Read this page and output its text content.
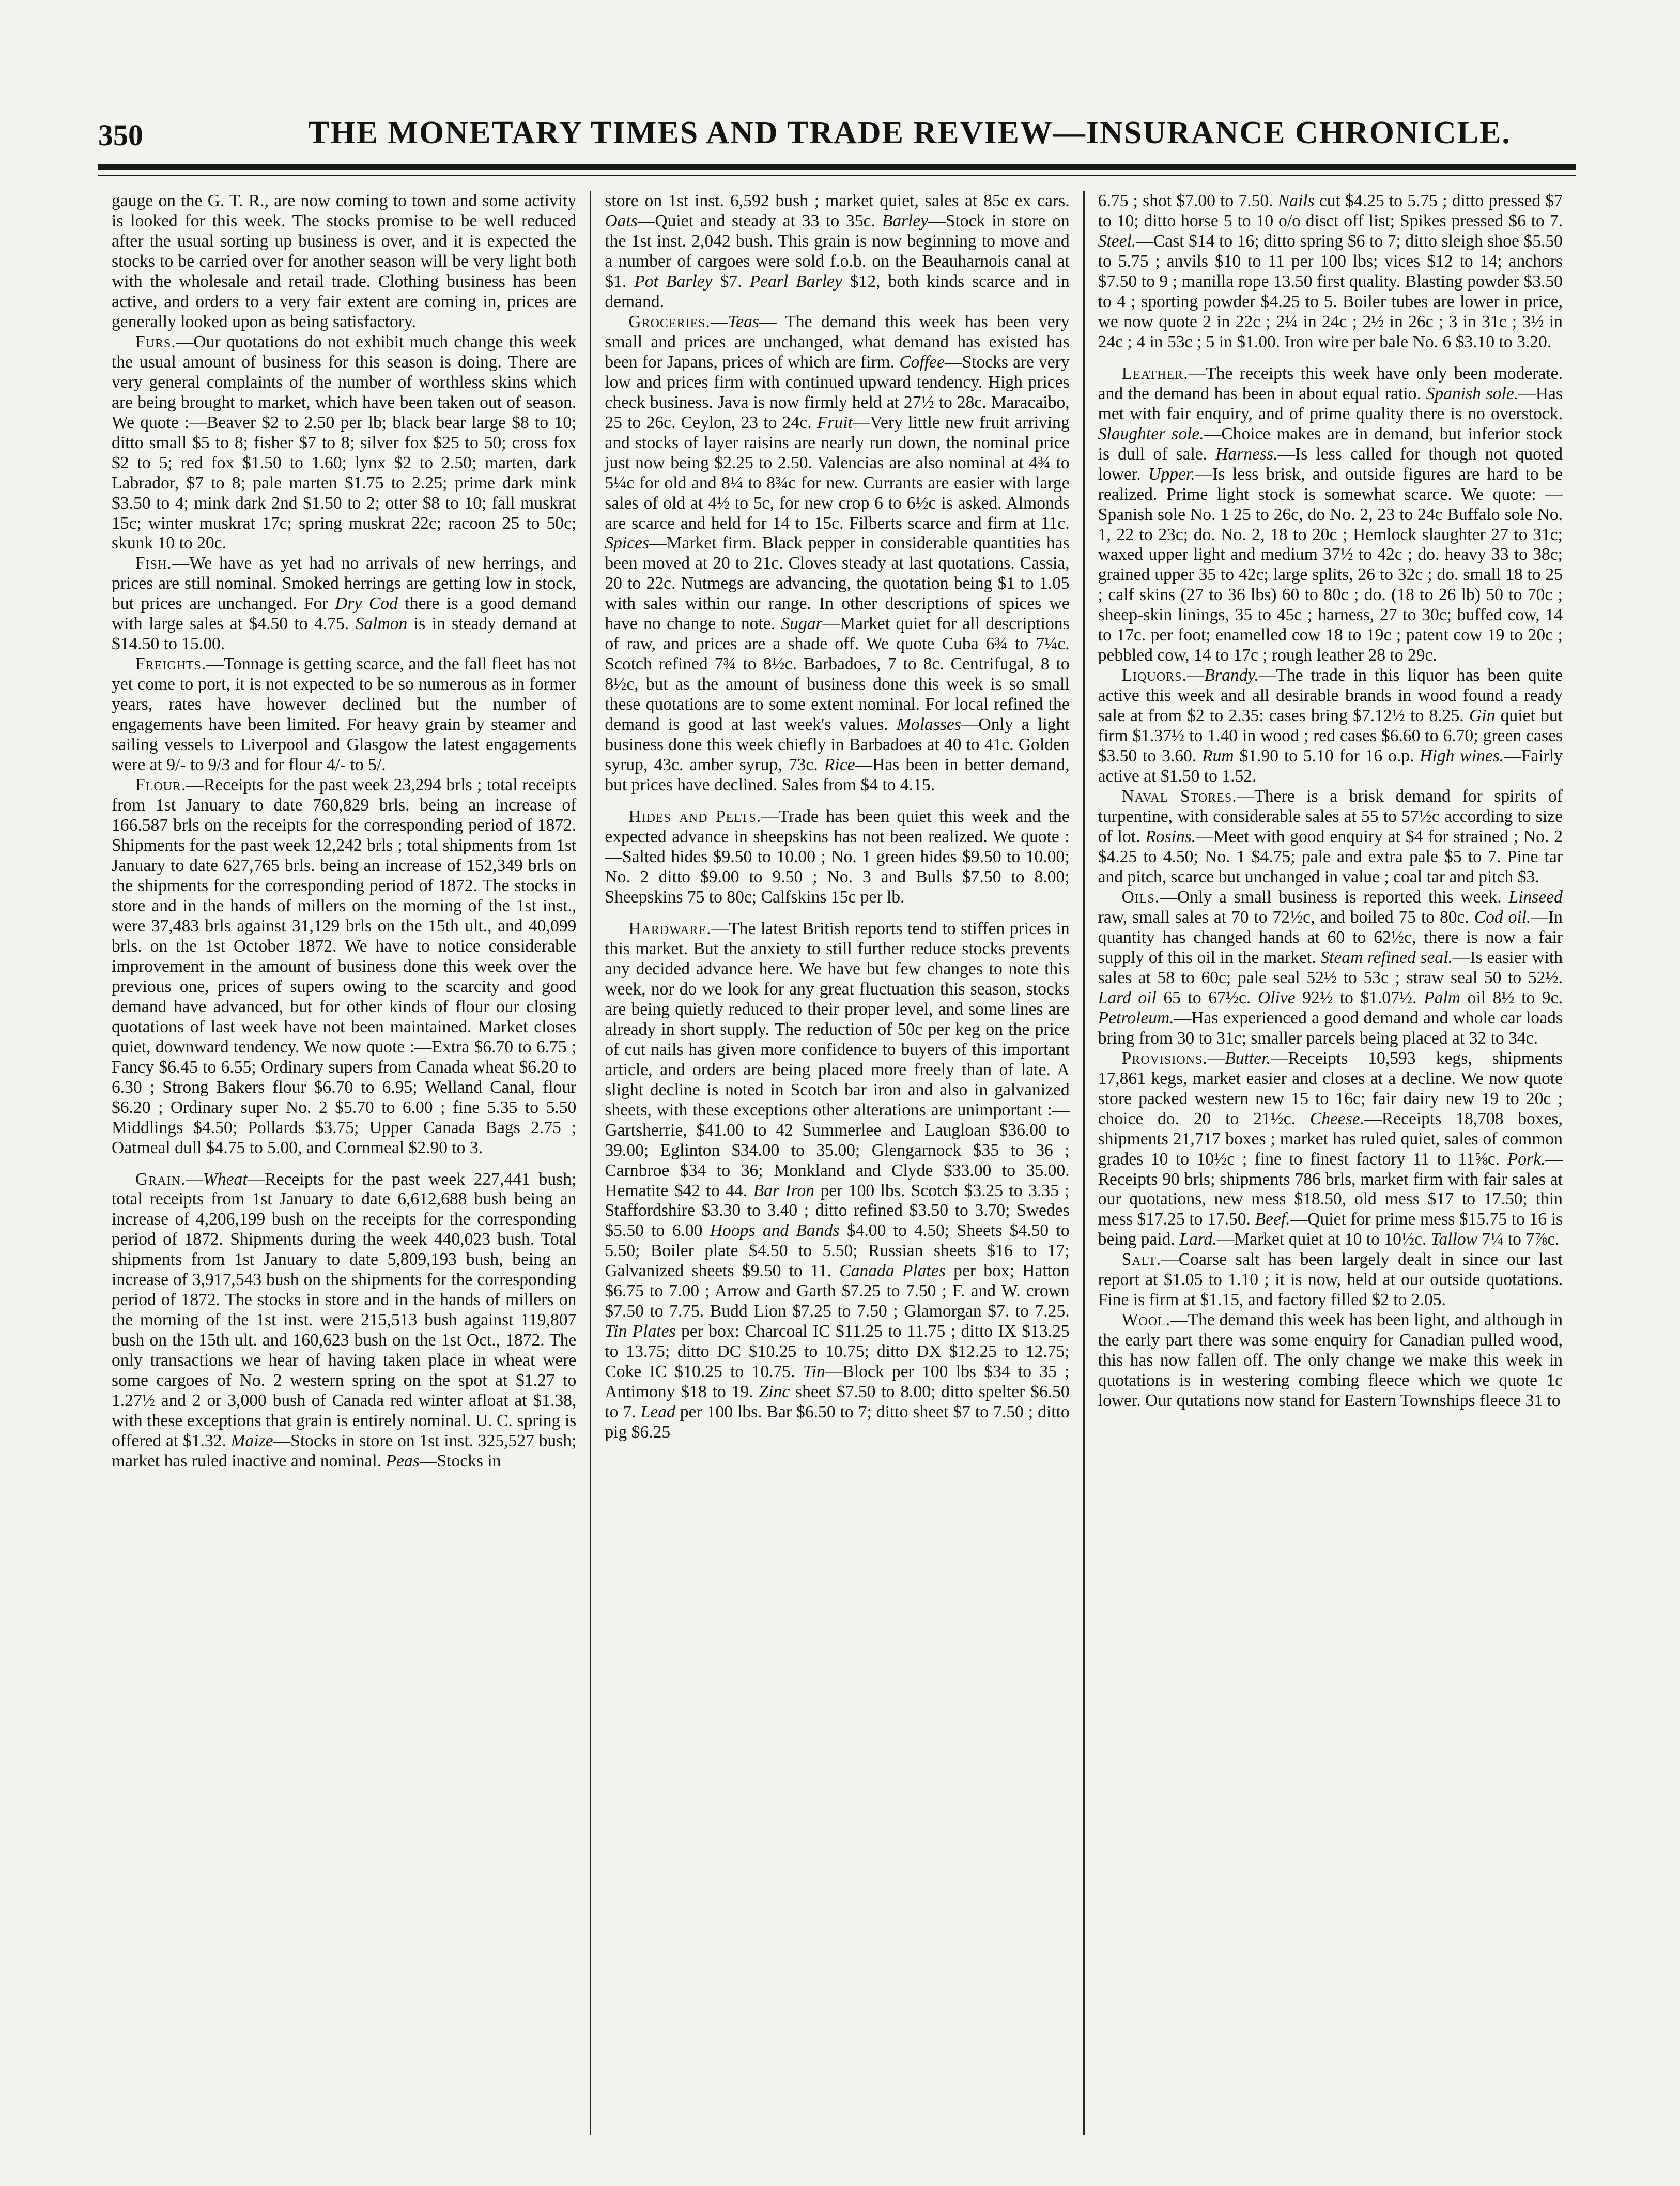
350	THE MONETARY TIMES AND TRADE REVIEW—INSURANCE CHRONICLE.

gauge on the G. T. R., are now coming to town and some activity is looked for this week. The stocks promise to be well reduced after the usual sorting up business is over, and it is expected the stocks to be carried over for another season will be very light both with the wholesale and retail trade. Clothing business has been active, and orders to a very fair extent are coming in, prices are generally looked upon as being satisfactory.

Furs.—Our quotations do not exhibit much change this week the usual amount of business for this season is doing. There are very general complaints of the number of worthless skins which are being brought to market, which have been taken out of season. We quote :—Beaver $2 to 2.50 per lb; black bear large $8 to 10; ditto small $5 to 8; fisher $7 to 8; silver fox $25 to 50; cross fox $2 to 5; red fox $1.50 to 1.60; lynx $2 to 2.50; marten, dark Labrador, $7 to 8; pale marten $1.75 to 2.25; prime dark mink $3.50 to 4; mink dark 2nd $1.50 to 2; otter $8 to 10; fall muskrat 15c; winter muskrat 17c; spring muskrat 22c; racoon 25 to 50c; skunk 10 to 20c.

Fish.—We have as yet had no arrivals of new herrings, and prices are still nominal. Smoked herrings are getting low in stock, but prices are unchanged. For Dry Cod there is a good demand with large sales at $4.50 to 4.75. Salmon is in steady demand at $14.50 to 15.00.

Freights.—Tonnage is getting scarce, and the fall fleet has not yet come to port, it is not expected to be so numerous as in former years, rates have however declined but the number of engagements have been limited. For heavy grain by steamer and sailing vessels to Liverpool and Glasgow the latest engagements were at 9/- to 9/3 and for flour 4/- to 5/.

Flour.—Receipts for the past week 23,294 brls ; total receipts from 1st January to date 760,829 brls. being an increase of 166.587 brls on the receipts for the corresponding period of 1872. Shipments for the past week 12,242 brls ; total shipments from 1st January to date 627,765 brls. being an increase of 152,349 brls on the shipments for the corresponding period of 1872. The stocks in store and in the hands of millers on the morning of the 1st inst., were 37,483 brls against 31,129 brls on the 15th ult., and 40,099 brls. on the 1st October 1872. We have to notice considerable improvement in the amount of business done this week over the previous one, prices of supers owing to the scarcity and good demand have advanced, but for other kinds of flour our closing quotations of last week have not been maintained. Market closes quiet, downward tendency. We now quote :—Extra $6.70 to 6.75 ; Fancy $6.45 to 6.55; Ordinary supers from Canada wheat $6.20 to 6.30 ; Strong Bakers flour $6.70 to 6.95; Welland Canal, flour $6.20 ; Ordinary super No. 2 $5.70 to 6.00 ; fine 5.35 to 5.50 Middlings $4.50; Pollards $3.75; Upper Canada Bags 2.75 ; Oatmeal dull $4.75 to 5.00, and Cornmeal $2.90 to 3.

Grain.—Wheat—Receipts for the past week 227,441 bush; total receipts from 1st January to date 6,612,688 bush being an increase of 4,206,199 bush on the receipts for the corresponding period of 1872. Shipments during the week 440,023 bush. Total shipments from 1st January to date 5,809,193 bush, being an increase of 3,917,543 bush on the shipments for the corresponding period of 1872. The stocks in store and in the hands of millers on the morning of the 1st inst. were 215,513 bush against 119,807 bush on the 15th ult. and 160,623 bush on the 1st Oct., 1872. The only transactions we hear of having taken place in wheat were some cargoes of No. 2 western spring on the spot at $1.27 to 1.27½ and 2 or 3,000 bush of Canada red winter afloat at $1.38, with these exceptions that grain is entirely nominal. U. C. spring is offered at $1.32. Maize—Stocks in store on 1st inst. 325,527 bush; market has ruled inactive and nominal. Peas—Stocks in

store on 1st inst. 6,592 bush ; market quiet, sales at 85c ex cars. Oats—Quiet and steady at 33 to 35c. Barley—Stock in store on the 1st inst. 2,042 bush. This grain is now beginning to move and a number of cargoes were sold f.o.b. on the Beauharnois canal at $1. Pot Barley $7. Pearl Barley $12, both kinds scarce and in demand.

Groceries.—Teas— The demand this week has been very small and prices are unchanged, what demand has existed has been for Japans, prices of which are firm. Coffee—Stocks are very low and prices firm with continued upward tendency. High prices check business. Java is now firmly held at 27½ to 28c. Maracaibo, 25 to 26c. Ceylon, 23 to 24c. Fruit—Very little new fruit arriving and stocks of layer raisins are nearly run down, the nominal price just now being $2.25 to 2.50. Valencias are also nominal at 4¾ to 5¼c for old and 8¼ to 8¾c for new. Currants are easier with large sales of old at 4½ to 5c, for new crop 6 to 6½c is asked. Almonds are scarce and held for 14 to 15c. Filberts scarce and firm at 11c. Spices—Market firm. Black pepper in considerable quantities has been moved at 20 to 21c. Cloves steady at last quotations. Cassia, 20 to 22c. Nutmegs are advancing, the quotation being $1 to 1.05 with sales within our range. In other descriptions of spices we have no change to note. Sugar—Market quiet for all descriptions of raw, and prices are a shade off. We quote Cuba 6¾ to 7¼c. Scotch refined 7¾ to 8½c. Barbadoes, 7 to 8c. Centrifugal, 8 to 8½c, but as the amount of business done this week is so small these quotations are to some extent nominal. For local refined the demand is good at last week's values. Molasses—Only a light business done this week chiefly in Barbadoes at 40 to 41c. Golden syrup, 43c. amber syrup, 73c. Rice—Has been in better demand, but prices have declined. Sales from $4 to 4.15.

Hides and Pelts.—Trade has been quiet this week and the expected advance in sheepskins has not been realized. We quote :—Salted hides $9.50 to 10.00 ; No. 1 green hides $9.50 to 10.00; No. 2 ditto $9.00 to 9.50 ; No. 3 and Bulls $7.50 to 8.00; Sheepskins 75 to 80c; Calfskins 15c per lb.

Hardware.—The latest British reports tend to stiffen prices in this market. But the anxiety to still further reduce stocks prevents any decided advance here. We have but few changes to note this week, nor do we look for any great fluctuation this season, stocks are being quietly reduced to their proper level, and some lines are already in short supply. The reduction of 50c per keg on the price of cut nails has given more confidence to buyers of this important article, and orders are being placed more freely than of late. A slight decline is noted in Scotch bar iron and also in galvanized sheets, with these exceptions other alterations are unimportant :—Gartsherrie, $41.00 to 42 Summerlee and Laugloan $36.00 to 39.00; Eglinton $34.00 to 35.00; Glengarnock $35 to 36 ; Carnbroe $34 to 36; Monkland and Clyde $33.00 to 35.00. Hematite $42 to 44. Bar Iron per 100 lbs. Scotch $3.25 to 3.35 ; Staffordshire $3.30 to 3.40 ; ditto refined $3.50 to 3.70; Swedes $5.50 to 6.00 Hoops and Bands $4.00 to 4.50; Sheets $4.50 to 5.50; Boiler plate $4.50 to 5.50; Russian sheets $16 to 17; Galvanized sheets $9.50 to 11. Canada Plates per box; Hatton $6.75 to 7.00 ; Arrow and Garth $7.25 to 7.50 ; F. and W. crown $7.50 to 7.75. Budd Lion $7.25 to 7.50 ; Glamorgan $7. to 7.25. Tin Plates per box: Charcoal IC $11.25 to 11.75 ; ditto IX $13.25 to 13.75; ditto DC $10.25 to 10.75; ditto DX $12.25 to 12.75; Coke IC $10.25 to 10.75. Tin—Block per 100 lbs $34 to 35 ; Antimony $18 to 19. Zinc sheet $7.50 to 8.00; ditto spelter $6.50 to 7. Lead per 100 lbs. Bar $6.50 to 7; ditto sheet $7 to 7.50 ; ditto pig $6.25

6.75 ; shot $7.00 to 7.50. Nails cut $4.25 to 5.75 ; ditto pressed $7 to 10; ditto horse 5 to 10 o/o disct off list; Spikes pressed $6 to 7. Steel.—Cast $14 to 16; ditto spring $6 to 7; ditto sleigh shoe $5.50 to 5.75 ; anvils $10 to 11 per 100 lbs; vices $12 to 14; anchors $7.50 to 9 ; manilla rope 13.50 first quality. Blasting powder $3.50 to 4 ; sporting powder $4.25 to 5. Boiler tubes are lower in price, we now quote 2 in 22c ; 2¼ in 24c ; 2½ in 26c ; 3 in 31c ; 3½ in 24c ; 4 in 53c ; 5 in $1.00. Iron wire per bale No. 6 $3.10 to 3.20.

Leather.—The receipts this week have only been moderate. and the demand has been in about equal ratio. Spanish sole.—Has met with fair enquiry, and of prime quality there is no overstock. Slaughter sole.—Choice makes are in demand, but inferior stock is dull of sale. Harness.—Is less called for though not quoted lower. Upper.—Is less brisk, and outside figures are hard to be realized. Prime light stock is somewhat scarce. We quote: — Spanish sole No. 1 25 to 26c, do No. 2, 23 to 24c Buffalo sole No. 1, 22 to 23c; do. No. 2, 18 to 20c ; Hemlock slaughter 27 to 31c; waxed upper light and medium 37½ to 42c ; do. heavy 33 to 38c; grained upper 35 to 42c; large splits, 26 to 32c ; do. small 18 to 25 ; calf skins (27 to 36 lbs) 60 to 80c ; do. (18 to 26 lb) 50 to 70c ; sheep-skin linings, 35 to 45c ; harness, 27 to 30c; buffed cow, 14 to 17c. per foot; enamelled cow 18 to 19c ; patent cow 19 to 20c ; pebbled cow, 14 to 17c ; rough leather 28 to 29c.

Liquors.—Brandy.—The trade in this liquor has been quite active this week and all desirable brands in wood found a ready sale at from $2 to 2.35: cases bring $7.12½ to 8.25. Gin quiet but firm $1.37½ to 1.40 in wood ; red cases $6.60 to 6.70; green cases $3.50 to 3.60. Rum $1.90 to 5.10 for 16 o.p. High wines.—Fairly active at $1.50 to 1.52.

Naval Stores.—There is a brisk demand for spirits of turpentine, with considerable sales at 55 to 57½c according to size of lot. Rosins.—Meet with good enquiry at $4 for strained ; No. 2 $4.25 to 4.50; No. 1 $4.75; pale and extra pale $5 to 7. Pine tar and pitch, scarce but unchanged in value ; coal tar and pitch $3.

Oils.—Only a small business is reported this week. Linseed raw, small sales at 70 to 72½c, and boiled 75 to 80c. Cod oil.—In quantity has changed hands at 60 to 62½c, there is now a fair supply of this oil in the market. Steam refined seal.—Is easier with sales at 58 to 60c; pale seal 52½ to 53c ; straw seal 50 to 52½. Lard oil 65 to 67½c. Olive 92½ to $1.07½. Palm oil 8½ to 9c. Petroleum.—Has experienced a good demand and whole car loads bring from 30 to 31c; smaller parcels being placed at 32 to 34c.

Provisions.—Butter.—Receipts 10,593 kegs, shipments 17,861 kegs, market easier and closes at a decline. We now quote store packed western new 15 to 16c; fair dairy new 19 to 20c ; choice do. 20 to 21½c. Cheese.—Receipts 18,708 boxes, shipments 21,717 boxes ; market has ruled quiet, sales of common grades 10 to 10½c ; fine to finest factory 11 to 11⅝c. Pork.—Receipts 90 brls; shipments 786 brls, market firm with fair sales at our quotations, new mess $18.50, old mess $17 to 17.50; thin mess $17.25 to 17.50. Beef.—Quiet for prime mess $15.75 to 16 is being paid. Lard.—Market quiet at 10 to 10½c. Tallow 7¼ to 7⅞c.

Salt.—Coarse salt has been largely dealt in since our last report at $1.05 to 1.10 ; it is now, held at our outside quotations. Fine is firm at $1.15, and factory filled $2 to 2.05.

Wool.—The demand this week has been light, and although in the early part there was some enquiry for Canadian pulled wood, this has now fallen off. The only change we make this week in quotations is in westering combing fleece which we quote 1c lower. Our qutations now stand for Eastern Townships fleece 31 to
